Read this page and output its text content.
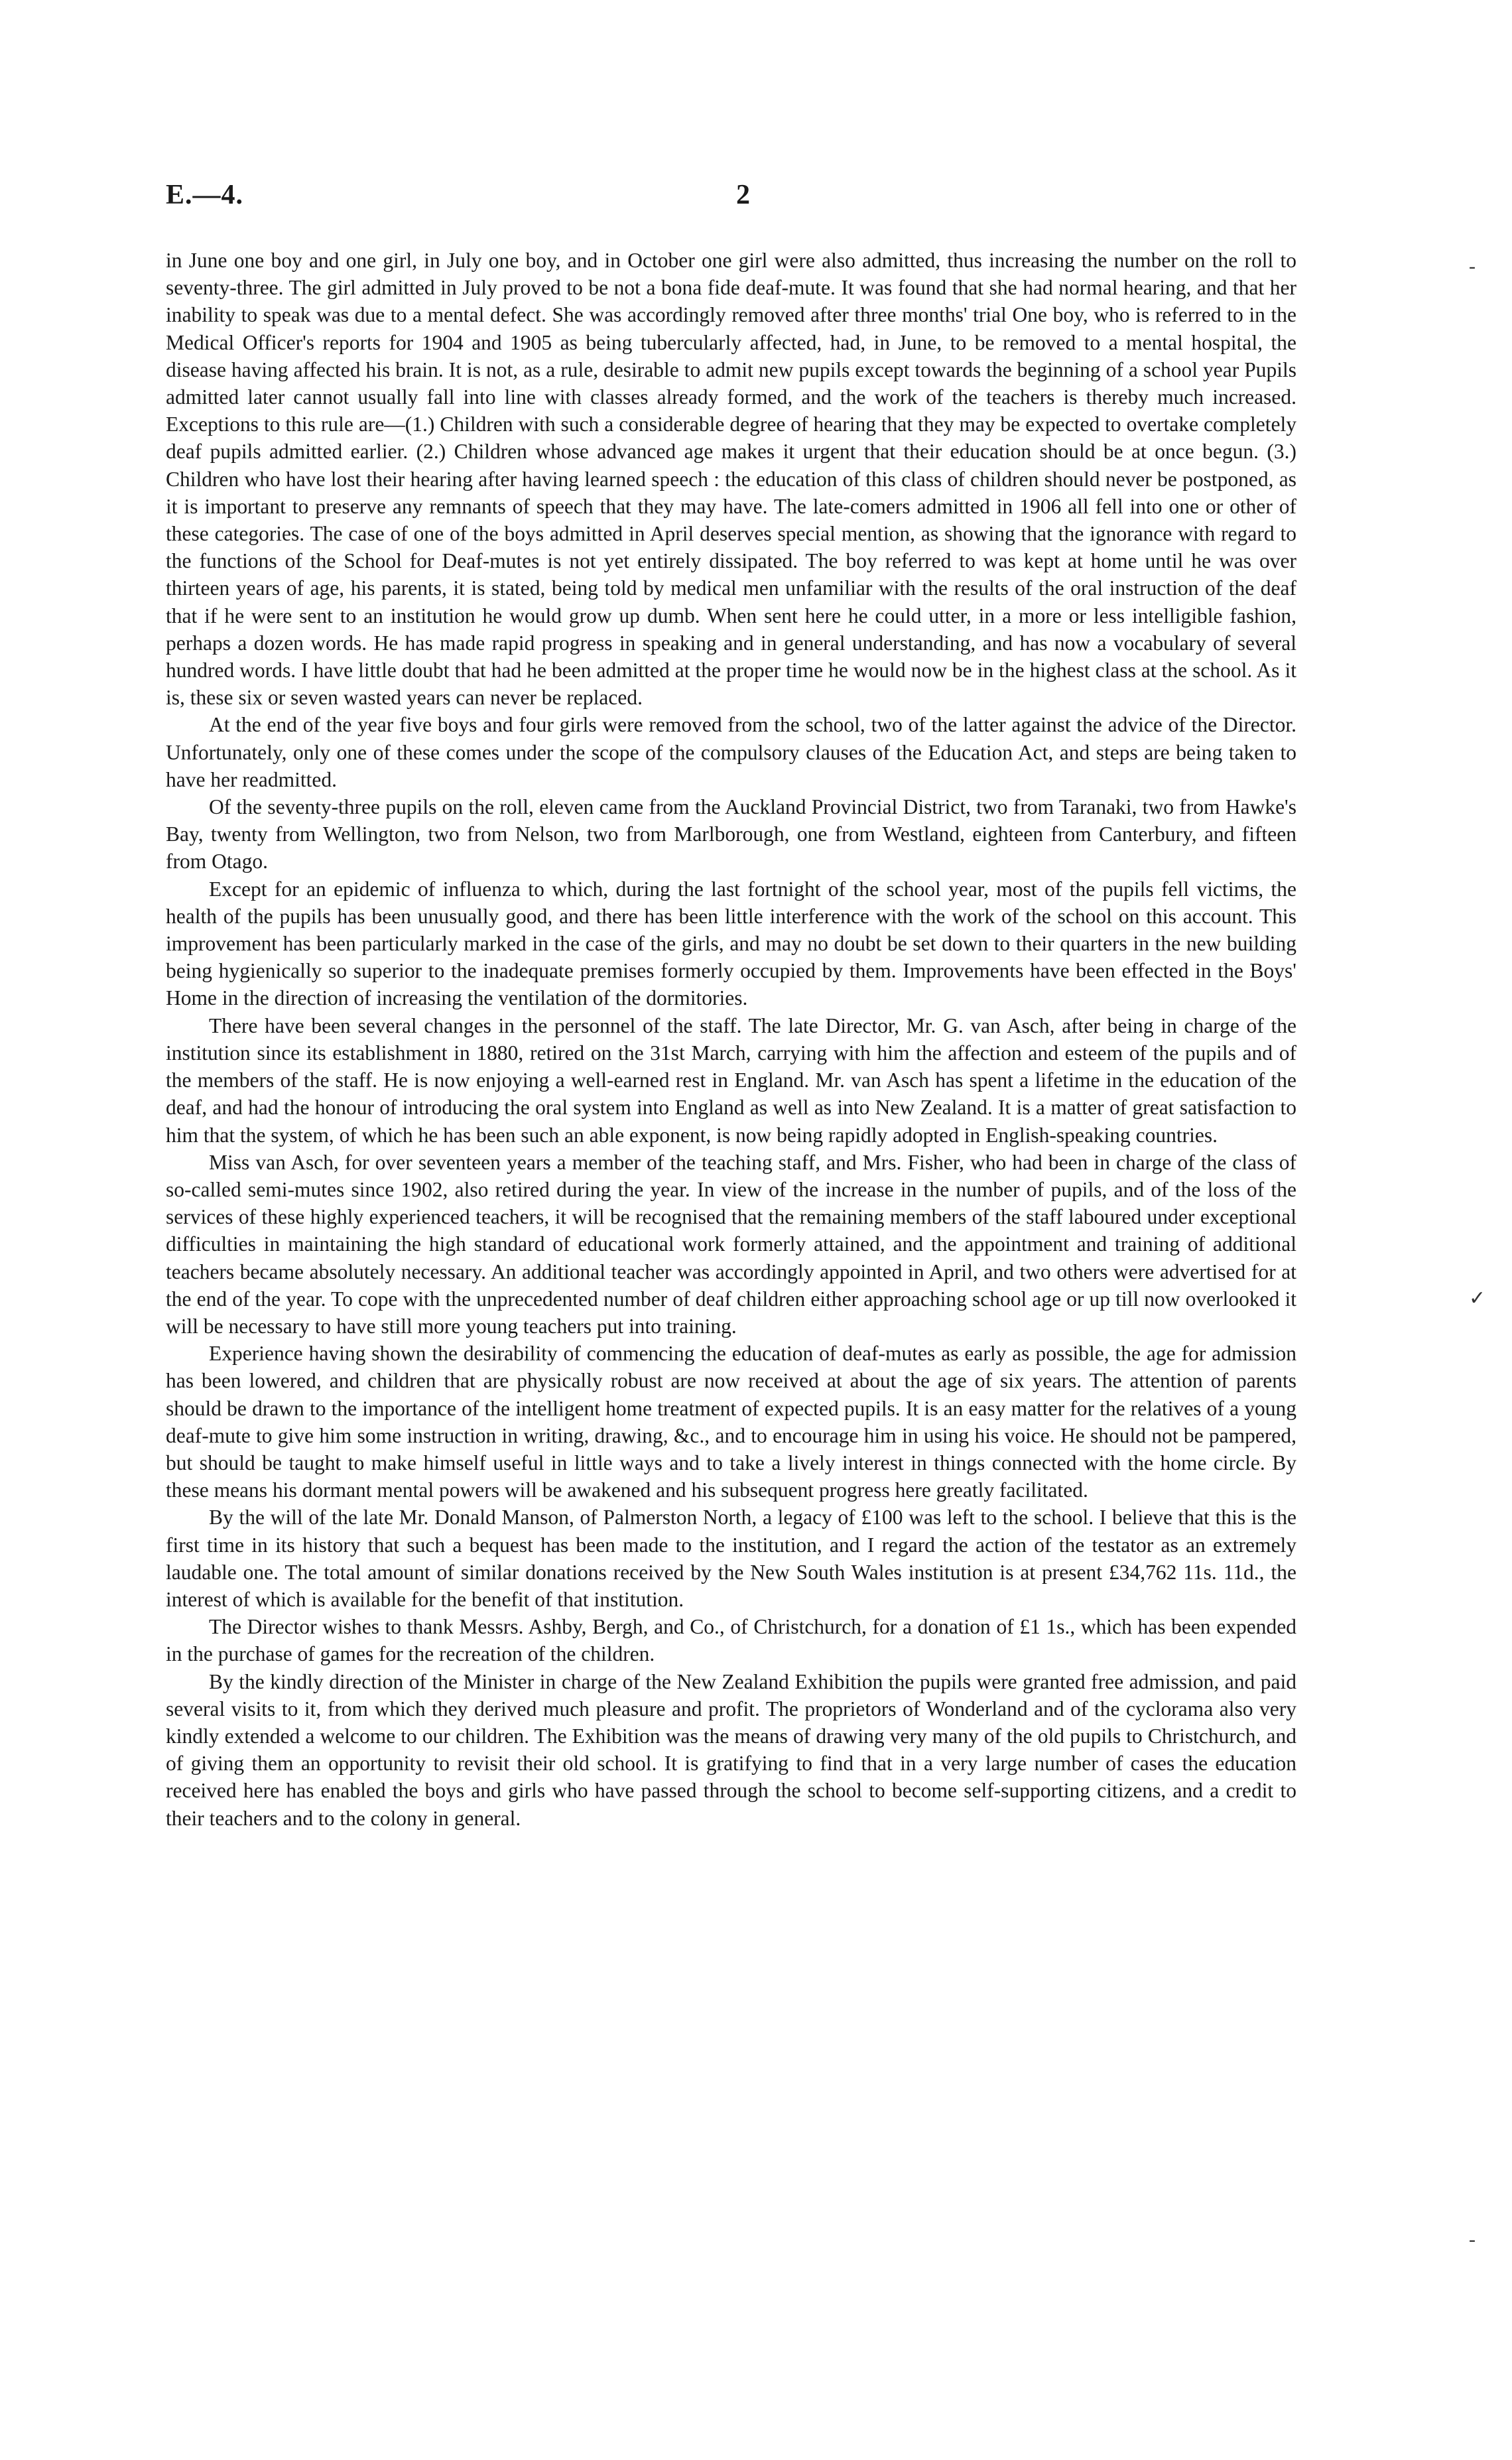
E.—4.	2

in June one boy and one girl, in July one boy, and in October one girl were also admitted, thus increasing the number on the roll to seventy-three. The girl admitted in July proved to be not a bona fide deaf-mute. It was found that she had normal hearing, and that her inability to speak was due to a mental defect. She was accordingly removed after three months' trial One boy, who is referred to in the Medical Officer's reports for 1904 and 1905 as being tubercularly affected, had, in June, to be removed to a mental hospital, the disease having affected his brain. It is not, as a rule, desirable to admit new pupils except towards the beginning of a school year Pupils admitted later cannot usually fall into line with classes already formed, and the work of the teachers is thereby much increased. Exceptions to this rule are—(1.) Children with such a considerable degree of hearing that they may be expected to overtake completely deaf pupils admitted earlier. (2.) Children whose advanced age makes it urgent that their education should be at once begun. (3.) Children who have lost their hearing after having learned speech : the education of this class of children should never be postponed, as it is important to preserve any remnants of speech that they may have. The late-comers admitted in 1906 all fell into one or other of these categories. The case of one of the boys admitted in April deserves special mention, as showing that the ignorance with regard to the functions of the School for Deaf-mutes is not yet entirely dissipated. The boy referred to was kept at home until he was over thirteen years of age, his parents, it is stated, being told by medical men unfamiliar with the results of the oral instruction of the deaf that if he were sent to an institution he would grow up dumb. When sent here he could utter, in a more or less intelligible fashion, perhaps a dozen words. He has made rapid progress in speaking and in general understanding, and has now a vocabulary of several hundred words. I have little doubt that had he been admitted at the proper time he would now be in the highest class at the school. As it is, these six or seven wasted years can never be replaced.

At the end of the year five boys and four girls were removed from the school, two of the latter against the advice of the Director. Unfortunately, only one of these comes under the scope of the compulsory clauses of the Education Act, and steps are being taken to have her readmitted.

Of the seventy-three pupils on the roll, eleven came from the Auckland Provincial District, two from Taranaki, two from Hawke's Bay, twenty from Wellington, two from Nelson, two from Marlborough, one from Westland, eighteen from Canterbury, and fifteen from Otago.

Except for an epidemic of influenza to which, during the last fortnight of the school year, most of the pupils fell victims, the health of the pupils has been unusually good, and there has been little interference with the work of the school on this account. This improvement has been particularly marked in the case of the girls, and may no doubt be set down to their quarters in the new building being hygienically so superior to the inadequate premises formerly occupied by them. Improvements have been effected in the Boys' Home in the direction of increasing the ventilation of the dormitories.

There have been several changes in the personnel of the staff. The late Director, Mr. G. van Asch, after being in charge of the institution since its establishment in 1880, retired on the 31st March, carrying with him the affection and esteem of the pupils and of the members of the staff. He is now enjoying a well-earned rest in England. Mr. van Asch has spent a lifetime in the education of the deaf, and had the honour of introducing the oral system into England as well as into New Zealand. It is a matter of great satisfaction to him that the system, of which he has been such an able exponent, is now being rapidly adopted in English-speaking countries.

Miss van Asch, for over seventeen years a member of the teaching staff, and Mrs. Fisher, who had been in charge of the class of so-called semi-mutes since 1902, also retired during the year. In view of the increase in the number of pupils, and of the loss of the services of these highly experienced teachers, it will be recognised that the remaining members of the staff laboured under exceptional difficulties in maintaining the high standard of educational work formerly attained, and the appointment and training of additional teachers became absolutely necessary. An additional teacher was accordingly appointed in April, and two others were advertised for at the end of the year. To cope with the unprecedented number of deaf children either approaching school age or up till now overlooked it will be necessary to have still more young teachers put into training.

Experience having shown the desirability of commencing the education of deaf-mutes as early as possible, the age for admission has been lowered, and children that are physically robust are now received at about the age of six years. The attention of parents should be drawn to the importance of the intelligent home treatment of expected pupils. It is an easy matter for the relatives of a young deaf-mute to give him some instruction in writing, drawing, &c., and to encourage him in using his voice. He should not be pampered, but should be taught to make himself useful in little ways and to take a lively interest in things connected with the home circle. By these means his dormant mental powers will be awakened and his subsequent progress here greatly facilitated.

By the will of the late Mr. Donald Manson, of Palmerston North, a legacy of £100 was left to the school. I believe that this is the first time in its history that such a bequest has been made to the institution, and I regard the action of the testator as an extremely laudable one. The total amount of similar donations received by the New South Wales institution is at present £34,762 11s. 11d., the interest of which is available for the benefit of that institution.

The Director wishes to thank Messrs. Ashby, Bergh, and Co., of Christchurch, for a donation of £1 1s., which has been expended in the purchase of games for the recreation of the children.

By the kindly direction of the Minister in charge of the New Zealand Exhibition the pupils were granted free admission, and paid several visits to it, from which they derived much pleasure and profit. The proprietors of Wonderland and of the cyclorama also very kindly extended a welcome to our children. The Exhibition was the means of drawing very many of the old pupils to Christchurch, and of giving them an opportunity to revisit their old school. It is gratifying to find that in a very large number of cases the education received here has enabled the boys and girls who have passed through the school to become self-supporting citizens, and a credit to their teachers and to the colony in general.

-
✓
-
